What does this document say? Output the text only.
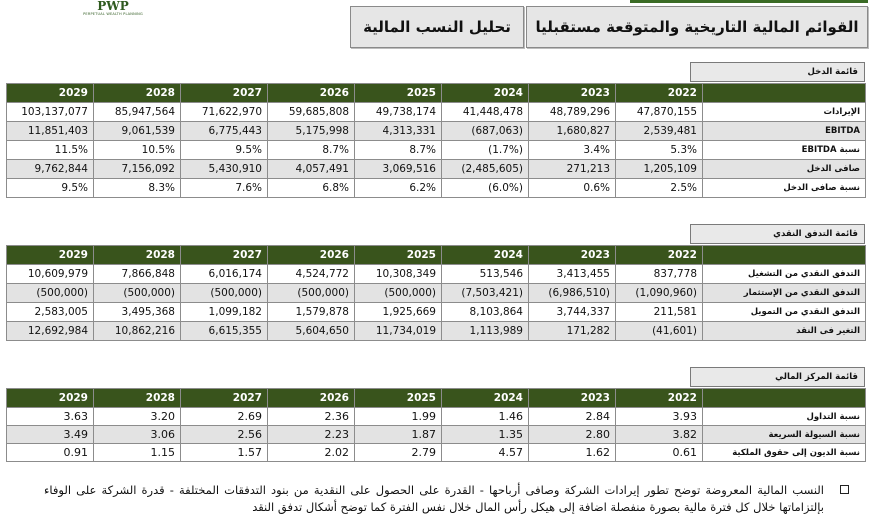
PWP
PERPETUAL WEALTH PLANNING
القوائم المالية التاريخية والمتوقعة مستقبليا
تحليل النسب المالية
قائمة الدخل
2029	2028	2027	2026	2025	2024	2023	2022	
103,137,077	85,947,564	71,622,970	59,685,808	49,738,174	41,448,478	48,789,296	47,870,155	الإيرادات
11,851,403	9,061,539	6,775,443	5,175,998	4,313,331	(687,063)	1,680,827	2,539,481	EBITDA
11.5%	10.5%	9.5%	8.7%	8.7%	(1.7%)	3.4%	5.3%	نسبة EBITDA
9,762,844	7,156,092	5,430,910	4,057,491	3,069,516	(2,485,605)	271,213	1,205,109	صافى الدخل
9.5%	8.3%	7.6%	6.8%	6.2%	(6.0%)	0.6%	2.5%	نسبة صافى الدخل
قائمة التدفق النقدي
2029	2028	2027	2026	2025	2024	2023	2022	
10,609,979	7,866,848	6,016,174	4,524,772	10,308,349	513,546	3,413,455	837,778	التدفق النقدي من التشغيل
(500,000)	(500,000)	(500,000)	(500,000)	(500,000)	(7,503,421)	(6,986,510)	(1,090,960)	التدفق النقدي من الإستثمار
2,583,005	3,495,368	1,099,182	1,579,878	1,925,669	8,103,864	3,744,337	211,581	التدفق النقدي من التمويل
12,692,984	10,862,216	6,615,355	5,604,650	11,734,019	1,113,989	171,282	(41,601)	التغير فى النقد
قائمة المركز المالي
2029	2028	2027	2026	2025	2024	2023	2022	
3.63	3.20	2.69	2.36	1.99	1.46	2.84	3.93	نسبة التداول
3.49	3.06	2.56	2.23	1.87	1.35	2.80	3.82	نسبة السيولة السريعة
0.91	1.15	1.57	2.02	2.79	4.57	1.62	0.61	نسبة الديون إلى حقوق الملكية
النسب المالية المعروضة توضح تطور إيرادات الشركة وصافى أرباحها - القدرة على الحصول على النقدية من بنود التدفقات المختلفة - قدرة الشركة على الوفاء بإلتزاماتها خلال كل فترة مالية بصورة منفصلة اضافة إلى هيكل رأس المال خلال نفس الفترة كما توضح أشكال تدفق النقد
